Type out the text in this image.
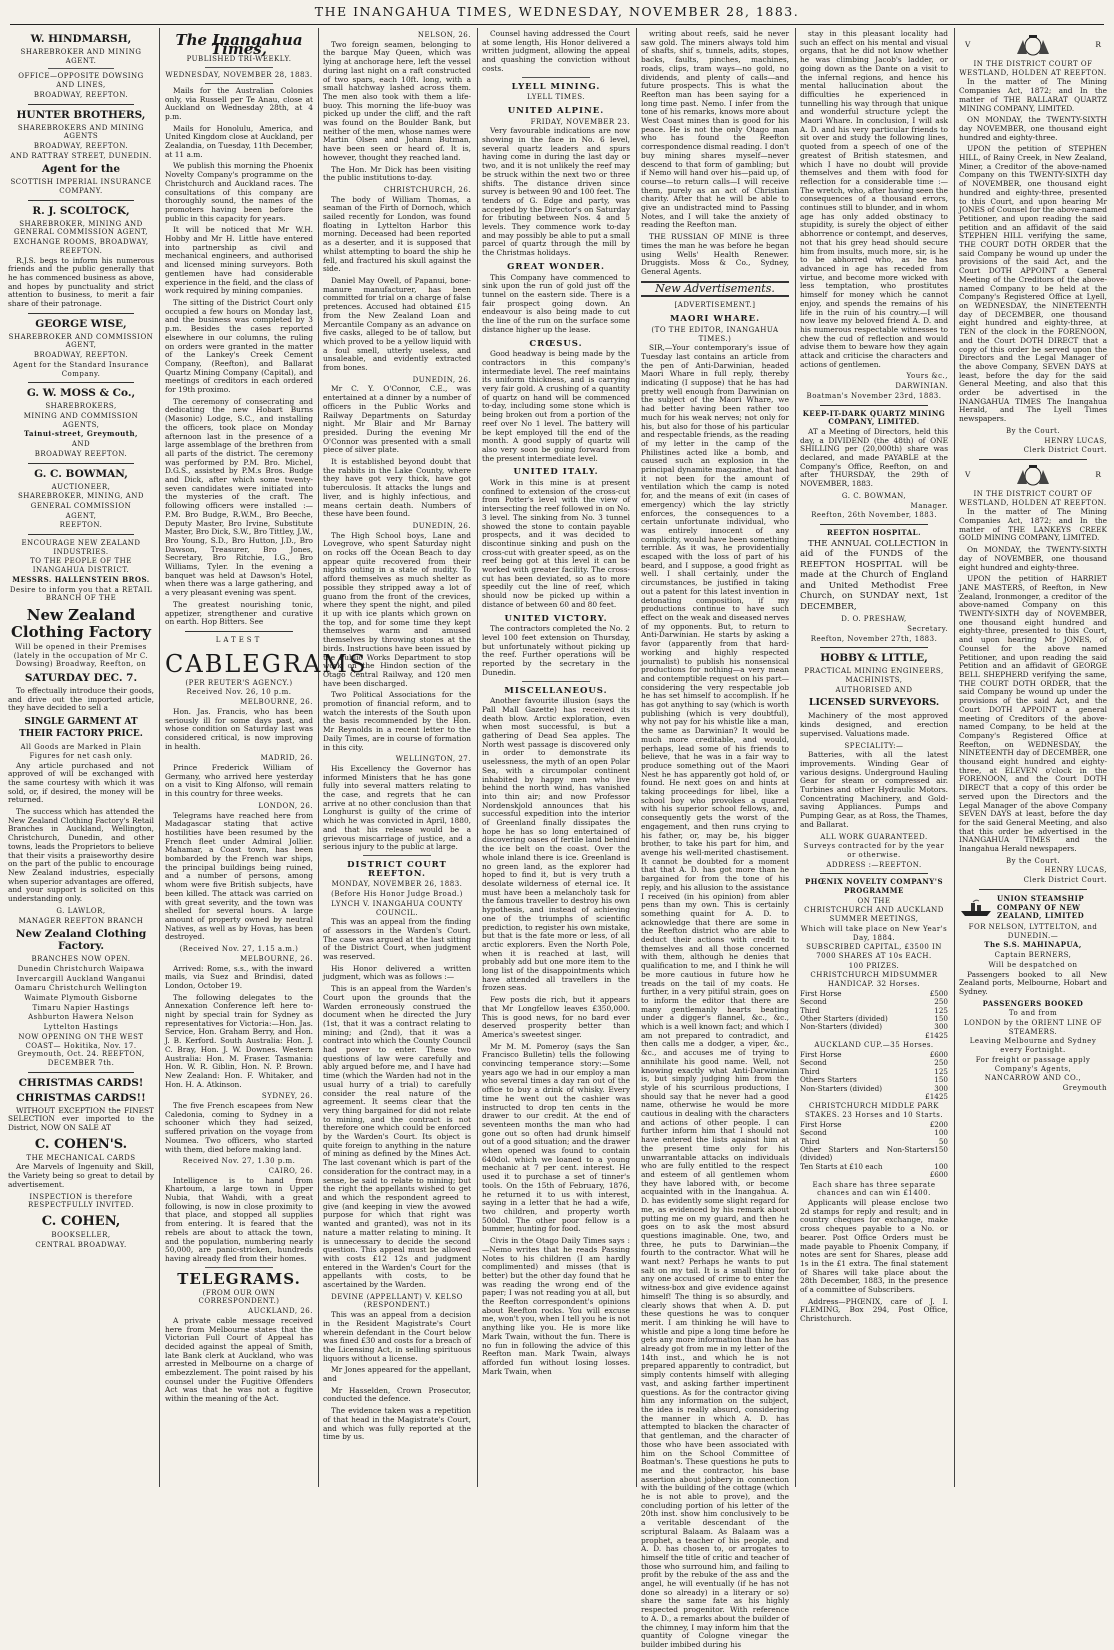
THE INANGAHUA TIMES, WEDNESDAY, NOVEMBER 28, 1883.
W. HINDMARSH,
SHAREBROKER AND MINING AGENT.
OFFICE—OPPOSITE DOWSING AND LINES,
BROADWAY, REEFTON.
HUNTER BROTHERS,
SHAREBROKERS AND MINING AGENTS
BROADWAY, REEFTON.
AND RATTRAY STREET, DUNEDIN.
Agent for the
SCOTTISH IMPERIAL INSURANCE COMPANY.
R. J. SCOLTOCK,
SHAREBROKER, MINING AND GENERAL COMMISSION AGENT,
EXCHANGE ROOMS, BROADWAY, REEFTON.

R.J.S. begs to inform his numerous friends and the public generally that he has commenced business as above, and hopes by punctuality and strict attention to business, to merit a fair share of their patronage.

GEORGE WISE,
SHAREBROKER AND COMMISSION AGENT,
BROADWAY, REEFTON.
Agent for the Standard Insurance Company.
G. W. MOSS & Co.,
SHAREBROKERS,
MINING AND COMMISSION AGENTS,
Tainui-street, Greymouth,
AND
BROADWAY REEFTON.
G. C. BOWMAN,
AUCTIONEER,
SHAREBROKER, MINING, AND
GENERAL COMMISSION
AGENT,
REEFTON.
ENCOURAGE NEW ZEALAND INDUSTRIES.
TO THE PEOPLE OF THE INANGAHUA DISTRICT.
MESSRS. HALLENSTEIN BROS.
Desire to inform you that a RETAIL BRANCH OF THE
New Zealand Clothing Factory
Will be opened in their Premises (lately in the occupation of Mr C. Dowsing) Broadway, Reefton, on
SATURDAY DEC. 7.

To effectually introduce their goods, and drive out the imported article, they have decided to sell a

SINGLE GARMENT AT THEIR FACTORY PRICE.
All Goods are Marked in Plain Figures for net cash only.

Any article purchased and not approved of will be exchanged with the same courtesy with which it was sold, or, if desired, the money will be returned.

The success which has attended the New Zealand Clothing Factory's Retail Branches in Auckland, Wellington, Christchurch, Dunedin, and other towns, leads the Proprietors to believe that their visits a praiseworthy desire on the part of the public to encourage New Zealand industries, especially when superior advantages are offered, and your support is solicited on this understanding only.

G. LAWLOR,
MANAGER REEFTON BRANCH
New Zealand Clothing Factory.
BRANCHES NOW OPEN.
Dunedin Christchurch Waipawa
Invercargill Auckland Wanganui
Oamaru Christchurch Wellington
Waimate Plymouth Gisborne
Timaru Napier Hastings
Ashburton Hawera Nelson
Lyttelton Hastings
NOW OPENING ON THE WEST COAST— Hokitika, Nov. 17. Greymouth, Oct. 24. REEFTON, DECEMBER 7th.
CHRISTMAS CARDS!
CHRISTMAS CARDS!!

WITHOUT EXCEPTION the FINEST SELECTION ever imported to the District, NOW ON SALE AT

C. COHEN'S.
THE MECHANICAL CARDS

Are Marvels of Ingenuity and Skill, the Variety being so great to detail by advertisement.

INSPECTION is therefore RESPECTFULLY INVITED.
C. COHEN,
BOOKSELLER,
CENTRAL BROADWAY.
The Inangahua Times,
PUBLISHED TRI-WEEKLY.
WEDNESDAY, NOVEMBER 28, 1883.

Mails for the Australian Colonies only, via Russell per Te Anau, close at Auckland on Wednesday 28th, at 4 p.m.

Mails for Honolulu, America, and United Kingdom close at Auckland, per Zealandia, on Tuesday, 11th December, at 11 a.m.

We publish this morning the Phoenix Novelty Company's programme on the Christchurch and Auckland races. The consultations of this company are thoroughly sound, the names of the promoters having been before the public in this capacity for years.

It will be noticed that Mr W.H. Hobby and Mr H. Little have entered into partnership as civil and mechanical engineers, and authorised and licensed mining surveyors. Both gentlemen have had considerable experience in the field, and the class of work required by mining companies.

The sitting of the District Court only occupied a few hours on Monday last, and the business was completed by 3 p.m. Besides the cases reported elsewhere in our columns, the ruling on orders were granted in the matter of the Lankey's Creek Cement Company, (Reefton), and Ballarat Quartz Mining Company (Capital), and meetings of creditors in each ordered for 19th proximo.

The ceremony of consecrating and dedicating the new Hobart Burns (Masonic) Lodge, S.C., and installing the officers, took place on Monday afternoon last in the presence of a large assemblage of the brethren from all parts of the district. The ceremony was performed by P.M. Bro. Michel, D.G.S., assisted by P.M.s Bros. Budge and Dick, after which some twenty-seven candidates were initiated into the mysteries of the craft. The following officers were installed :—P.M. Bro Budge, R.W.M., Bro Beeche, Deputy Master, Bro Irvine, Substitute Master, Bro Dick, S.W., Bro Tittley, J.W., Bro Young, S.D., Bro Hutton, J.D., Bro Dawson, Treasurer, Bro Jones, Secretary, Bro Ritchie, I.G., Bro Williams, Tyler. In the evening a banquet was held at Dawson's Hotel, when there was a large gathering, and a very pleasant evening was spent.

The greatest nourishing tonic, appetizer, strengthener and curative on earth. Hop Bitters. See

LATEST
CABLEGRAMS
(PER REUTER'S AGENCY.)
Received Nov. 26, 10 p.m.
MELBOURNE, 26.

Hon. Jas. Francis, who has been seriously ill for some days past, and whose condition on Saturday last was considered critical, is now improving in health.

MADRID, 26.

Prince Frederick William of Germany, who arrived here yesterday on a visit to King Alfonso, will remain in this country for three weeks.

LONDON, 26.

Telegrams have reached here from Madagascar stating that active hostilities have been resumed by the French fleet under Admiral Jollier. Mahamar, a Coast town, has been bombarded by the French war ships, the principal buildings being ruined, and a number of persons, among whom were five British subjects, have been killed. The attack was carried on with great severity, and the town was shelled for several hours. A large amount of property owned by neutral Natives, as well as by Hovas, has been destroyed.

(Received Nov. 27, 1.15 a.m.)
MELBOURNE, 26.

Arrived: Rome, s.s., with the inward mails, via Suez and Brindisi, dated London, October 19.

The following delegates to the Annexation Conference left here to-night by special train for Sydney as representatives for Victoria:—Hon. Jas. Service, Hon. Graham Berry, and Hon. J. B. Kerford. South Australia: Hon. J. C. Bray, Hon. J. W. Downes. Western Australia: Hon. M. Fraser. Tasmania: Hon. W. R. Giblin, Hon. N. P. Brown. New Zealand: Hon. F. Whitaker, and Hon. H. A. Atkinson.

SYDNEY, 26.

The five French escapees from New Caledonia, coming to Sydney in a schooner which they had seized, suffered privation on the voyage from Noumea. Two officers, who started with them, died before making land.

Received Nov. 27, 1.30 p.m.
CAIRO, 26.

Intelligence is to hand from Khartoum, a large town in Upper Nubia, that Wahdi, with a great following, is now in close proximity to that place, and stopped all supplies from entering. It is feared that the rebels are about to attack the town, and the population, numbering nearly 50,000, are panic-stricken, hundreds having already fled from their homes.

TELEGRAMS.
(FROM OUR OWN CORRESPONDENT.)
AUCKLAND, 26.

A private cable message received here from Melbourne states that the Victorian Full Court of Appeal has decided against the appeal of Smith, late Bank clerk at Auckland, who was arrested in Melbourne on a charge of embezzlement. The point raised by his counsel under the Fugitive Offenders Act was that he was not a fugitive within the meaning of the Act.

NELSON, 26.

Two foreign seamen, belonging to the barque May Queen, which was lying at anchorage here, left the vessel during last night on a raft constructed of two spars, each 10ft. long, with a small hatchway lashed across them. The men also took with them a life-buoy. This morning the life-buoy was picked up under the cliff, and the raft was found on the Boulder Bank, but neither of the men, whose names were Martin Olsen and Johann Butman, have been seen or heard of. It is, however, thought they reached land.

The Hon. Mr Dick has been visiting the public institutions to-day.

CHRISTCHURCH, 26.

The body of William Thomas, a seaman of the Firth of Dornoch, which sailed recently for London, was found floating in Lyttelton Harbor this morning. Deceased had been reported as a deserter, and it is supposed that whilst attempting to board the ship he fell, and fractured his skull against the side.

Daniel May Owell, of Papanui, bone-manure manufacturer, has been committed for trial on a charge of false pretences. Accused had obtained £15 from the New Zealand Loan and Mercantile Company as an advance on five casks, alleged to be of tallow, but which proved to be a yellow liquid with a foul smell, utterly useless, and unsaleable, and evidently extracted from bones.

DUNEDIN, 26.

Mr C. Y. O'Connor, C.E., was entertained at a dinner by a number of officers in the Public Works and Railway Departments on Saturday night. Mr Blair and Mr Barnay presided. During the evening Mr O'Connor was presented with a small piece of silver plate.

It is established beyond doubt that the rabbits in the Lake County, where they have got very thick, have got tuberculosis. It attacks the lungs and liver, and is highly infectious, and means certain death. Numbers of these have been found.

DUNEDIN, 26.

The High School boys, Lane and Lovegrove, who spent Saturday night on rocks off the Ocean Beach to day appear quite recovered from their nights outing in a state of nudity. To afford themselves as much shelter as possible they stripped away a lot of guano from the front of the crevices, where they spent the night, and piled it up with ice plants which grown on the top, and for some time they kept themselves warm and amused themselves by throwing stones at the birds. Instructions have been issued by the Public Works Department to stop work on the Hindon section of the Otago Central Railway, and 120 men have been discharged.

Two Political Associations for the promotion of financial reform, and to watch the interests of the South upon the basis recommended by the Hon. Mr Reynolds in a recent letter to the Daily Times, are in course of formation in this city.

WELLINGTON, 27.

His Excellency the Governor has informed Ministers that he has gone fully into several matters relating to the case, and regrets that he can arrive at no other conclusion than that Longhurst is guilty of the crime of which he was convicted in April, 1880, and that his release would be a grievous miscarriage of justice, and a serious injury to the public at large.

DISTRICT COURT REEFTON.
MONDAY, NOVEMBER 26, 1883.
(Before His Honor Judge Broad.)
LYNCH V. INANGAHUA COUNTY COUNCIL.

This was an appeal from the finding of assessors in the Warden's Court. The case was argued at the last sitting of the District Court, when judgment was reserved.

His Honor delivered a written judgment, which was as follows :—

This is an appeal from the Warden's Court upon the grounds that the Warden erroneously construed the document when he directed the Jury (1st, that it was a contract relating to mining; and (2nd), that it was a contract into which the County Council had power to enter. These two questions of law were carefully and ably argued before me, and I have had time (which the Warden had not in the usual hurry of a trial) to carefully consider the real nature of the agreement. It seems clear that the very thing bargained for did not relate to mining, and the contract is not therefore one which could be enforced by the Warden's Court. Its object is quite foreign to anything in the nature of mining as defined by the Mines Act. The last covenant which is part of the consideration for the contract may, in a sense, be said to relate to mining; but the right the appellants wished to get and which the respondent agreed to give (and keeping in view the avowed purpose for which that right was wanted and granted), was not in its nature a matter relating to mining. It is unnecessary to decide the second question. This appeal must be allowed with costs £12 12s and judgment entered in the Warden's Court for the appellants with costs, to be ascertained by the Warden.

DEVINE (APPELLANT) V. KELSO (RESPONDENT.)

This was an appeal from a decision in the Resident Magistrate's Court wherein defendant in the Court below was fined £30 and costs for a breach of the Licensing Act, in selling spirituous liquors without a license.

Mr Jones appeared for the appellant, and

Mr Hasselden, Crown Prosecutor, conducted the defence.

The evidence taken was a repetition of that head in the Magistrate's Court, and which was fully reported at the time by us.

Counsel having addressed the Court at some length, His Honor delivered a written judgment, allowing the appeal and quashing the conviction without costs.

LYELL MINING.
LYELL TIMES.
UNITED ALPINE.
FRIDAY, NOVEMBER 23.

Very favourable indications are now showing in the face in No. 6 level, several quartz leaders and spurs having come in during the last day or two, and it is not unlikely the reef may be struck within the next two or three shifts. The distance driven since survey is between 90 and 100 feet. The tenders of G. Edge and party, was accepted by the Director's on Saturday for tributing between Nos. 4 and 5 levels. They commence work to-day and may possibly be able to put a small parcel of quartz through the mill by the Christmas holidays.

GREAT WONDER.

This Company have commenced to sink upon the run of gold just off the tunnel on the eastern side. There is a fair prospect going down. An endeavour is also being made to cut the line of the run on the surface some distance higher up the lease.

CRŒSUS.

Good headway is being made by the contractors in this company's intermediate level. The reef maintains its uniform thickness, and is carrying very fair gold. A crushing of a quantity of quartz on hand will be commenced to-day, including some stone which is being broken out from a portion of the reef over No 1 level. The battery will be kept employed till the end of the month. A good supply of quartz will also very soon be going forward from the present intermediate level.

UNITED ITALY.

Work in this mine is at present confined to extension of the cross-cut from Potter's level with the view of intersecting the reef followed in on No. 3 level. The sinking from No. 3 tunnel showed the stone to contain payable prospects, and it was decided to discontinue sinking and push on the cross-cut with greater speed, as on the reef being got at this level it can be worked with greater facility. The cross-cut has been deviated, so as to more speedily cut the line of reef, which should now be picked up within a distance of between 60 and 80 feet.

UNITED VICTORY.

The contractors completed the No. 2 level 100 feet extension on Thursday, but unfortunately without picking up the reef. Further operations will be reported by the secretary in the Dunedin.

MISCELLANEOUS.

Another favourite illusion (says the Pall Mall Gazette) has received its death blow. Arctic exploration, even when most successful, is but a gathering of Dead Sea apples. The North west passage is discovered only in order to demonstrate its uselessness, the myth of an open Polar Sea, with a circumpolar continent inhabited by happy men who live behind the north wind, has vanished into thin air; and now Professor Nordenskjold announces that his successful expedition into the interior of Greenland finally dissipates the hope he has so long entertained of discovering oases of fertile land behind the ice belt on the coast. Over the whole inland there is ice. Greenland is no green land, as the explorer had hoped to find it, but is very truth a desolate wilderness of eternal ice. It must have been a melancholy task for the famous traveller to destroy his own hypothesis, and instead of achieving one of the triumphs of scientific prediction, to register his own mistake, but that is the fate more or less, of all arctic explorers. Even the North Pole, when it is reached at last, will probably add but one more item to the long list of the disappointments which have attended all travellers in the frozen seas.

Few posts die rich, but it appears that Mr Longfellow leaves £350,000. This is good news, for no bard ever deserved prosperity better than America's sweetest singer.

Mr M. M. Pomeroy (says the San Francisco Bulletin) tells the following convincing temperance story:—Some years ago we had in our employ a man who several times a day ran out of the office to buy a drink of whisky. Every time he went out the cashier was instructed to drop ten cents in the drawer to our credit. At the end of seventeen months the man who had gone out so often had drunk himself out of a good situation; and the drawer when opened was found to contain 640dol. which we loaned to a young mechanic at 7 per cent. interest. He used it to purchase a set of tinner's tools. On the 15th of February, 1876, he returned it to us with interest, saying in a letter that he had a wife, two children, and property worth 500dol. The other poor fellow is a bummer, hunting for food.

Civis in the Otago Daily Times says :—Nemo writes that he reads Passing Notes to his children (I am hardly complimented) and misses (that is better) but the other day found that he was reading the wrong end of the paper; I was not reading you at all, but the Reefton correspondent's opinions about Reefton rocks. You will excuse me, won't you, when I tell you he is not anything like you. He is more like Mark Twain, without the fun. There is no fun in following the advice of this Reefton man. Mark Twain, always afforded fun without losing losses. Mark Twain, when

writing about reefs, said he never saw gold. The miners always told him of shafts, shif s, tunnels, adits, stopes, backs, faults, pinches, machines, roads, clips, tram ways—no gold, no dividends, and plenty of calls—and future prospects. This is what the Reefton man has been saying for a long time past. Nemo. I infer from the tone of his remarks, knows more about West Coast mines than is good for his peace. He is not the only Otago man who has found the Reefton correspondence dismal reading. I don't buy mining shares myself—never descend to that form of gambling; but if Nemo will hand over his—paid up, of course—to return calls—I will receive them, purely as an act of Christian charity. After that he will be able to give an undistracted mind to Passing Notes, and I will take the anxiety of reading the Reefton man.

THE RUSSIAN OF MINE is three times the man he was before he began using Wells' Health Renewer. Druggists. Moss & Co., Sydney, General Agents.

New Advertisements.
[ADVERTISEMENT.]
MAORI WHARE.
(TO THE EDITOR, INANGAHUA TIMES.)

SIR,—Your contemporary's issue of Tuesday last contains an article from the pen of Anti-Darwinian, headed Maori Whare in full reply, thereby indicating (I suppose) that he has had pretty well enough from Darwinian on the subject of the Maori Whare, we had better having been rather too much for his weak nerves; not only for his, but also for those of his particular and respectable friends, as the reading of my letter in the camp of the Philistines acted like a bomb, and caused such an explosion in the principal dynamite magazine, that had it not been for the amount of ventilation which the camp is noted for, and the means of exit (in cases of emergency) which the lay strictly enforces, the consequences to a certain unfortunate individual, who was entirely innocent of any complicity, would have been something terrible. As it was, he providentially escaped with the loss of part of his beard, and I suppose, a good fright as well. I shall certainly, under the circumstances, be justified in taking out a patent for this latest invention in detonating composition, if my productions continue to have such effect on the weak and diseased nerves of my opponents. But, to return to Anti-Darwinian. He starts by asking a favor (apparently from that hard-working and highly respected journalist) to publish his nonsensical productions for nothing—a very mean and contemptible request on his part—considering the very respectable job he has set himself to accomplish. If he has got anything to say (which is worth publishing (which is very doubtful), why not pay for his whistle like a man, the same as Darwinian? It would be much more creditable, and would, perhaps, lead some of his friends to believe, that he was in a fair way to produce something out of the Maori Nest he has apparently got hold of, or found. He next goes on and hints at taking proceedings for libel, like a school boy who provokes a quarrel with his superior school fellows, and, consequently gets the worst of the engagement, and then runs crying to his father, or, may be, his bigger brother, to take his part for him, and avenge his well-merited chastisement. It cannot be doubted for a moment that that A. D. has got more than he bargained for from the tone of his reply, and his allusion to the assistance I received (in his opinion) from abler pens than my own. This is certainly something quaint for A. D. to acknowledge that there are some in the Reefton district who are able to deduct their actions with credit to themselves and all those concerned with them, although he denies that qualification to me, and I think he will be more cautious in future how he treads on the tail of my coats. He further, in a very pitiful strain, goes on to inform the editor that there are many gentlemanly hearts beating under a digger's flannel, &c., &c., which is a well known fact; and which I am not prepared to contradict, and then calls me a dodger, a viper, &c., &c., and accuses me of trying to annihilate his good name. Well, not knowing exactly what Anti-Darwinian is, but simply judging him from the style of his scurrilous productions, I should say that he never had a good name, otherwise he would be more cautious in dealing with the characters and actions of other people. I can further inform him that I should not have entered the lists against him at the present time only for his unwarrantable attacks on individuals who are fully entitled to the respect and esteem of all gentlemen whom they have labored with, or become acquainted with in the Inangahua. A. D. has evidently some slight regard for me, as evidenced by his remark about putting me on my guard, and then he goes on to ask the most absurd questions imaginable. One, two, and three, he puts to Darwinian—the fourth to the contractor. What will he want next? Perhaps he wants to put salt on my tail. It is a small thing for any one accused of crime to enter the witness-box and give evidence against himself! The thing is so absurdly, and clearly shows that when A. D. put these questions he was to conquer merit. I am thinking he will have to whistle and pipe a long time before he gets any more information than he has already got from me in my letter of the 14th inst., and which he is not prepared apparently to contradict, but simply contents himself with alleging vast, and asking farther impertinent questions. As for the contractor giving him any information on the subject, the idea is really absurd, considering the manner in which A. D. has attempted to blacken the character of that gentleman, and the character of those who have been associated with him on the School Committee of Boatman's. These questions he puts to me and the contractor, his base assertion about jobbery in connection with the building of the cottage (which he is not able to prove), and the concluding portion of his letter of the 20th inst. show him conclusively to be a veritable descendant of the scriptural Balaam. As Balaam was a prophet, a teacher of his people, and A. D. has chosen to, or arrogates to himself the title of critic and teacher of those who surround him, and failing to profit by the rebuke of the ass and the angel, he will eventually (if he has not done so already) in a literary or so) share the same fate as his highly respected progenitor. With reference to A. D., a remarks about the builder of the chimney, I may inform him that the quantity of Cologne vinegar the builder imbibed during his

stay in this pleasant locality had such an effect on his mental and visual organs, that he did not know whether he was climbing Jacob's ladder, or going down as the Dante on a visit to the infernal regions, and hence his mental hallucination about the difficulties he experienced in tunnelling his way through that unique and wonderful structure yclept the Maori Whare. In conclusion, I will ask A. D. and his very particular friends to sit over and study the following lines, quoted from a speech of one of the greatest of British statesmen, and which I have no doubt will provide themselves and them with food for reflection for a considerable time :—The wretch, who, after having seen the consequences of a thousand errors, continues still to blunder, and in whom age has only added obstinacy to stupidity, is surely the object of either abhorrence or contempt, and deserves, not that his grey head should secure him from insults, much more, sir, is he to be abhorred who, as he has advanced in age has receded from virtue, and become more wicked with less temptation, who prostitutes himself for money which he cannot enjoy, and spends the remains of his life in the ruin of his country.—I will now leave my beloved friend A. D. and his numerous respectable witnesses to chew the cud of reflection and would advise them to beware how they again attack and criticise the characters and actions of gentlemen.

Yours &c.,
DARWINIAN.
Boatman's November 23rd, 1883.
KEEP-IT-DARK QUARTZ MINING COMPANY, LIMITED.

AT a Meeting of Directors, held this day, a DIVIDEND (the 48th) of ONE SHILLING per (20,000th) share was declared, and made PAYABLE at the Company's Office, Reefton, on and after THURSDAY, the 29th of NOVEMBER, 1883.

G. C. BOWMAN,
Manager.
Reefton, 26th November, 1883.
REEFTON HOSPITAL.

THE ANNUAL COLLECTION in aid of the FUNDS of the REEFTON HOSPITAL will be made at the Church of England and United Methodist Free Church, on SUNDAY next, 1st DECEMBER,

D. O. PRESHAW,
Secretary.
Reefton, November 27th, 1883.
HOBBY & LITTLE,
PRACTICAL MINING ENGINEERS, MACHINISTS,
AUTHORISED AND
LICENSED SURVEYORS.

Machinery of the most approved kinds designed, and erection supervised. Valuations made.

SPECIALITY:—

Batteries, with all the latest improvements. Winding Gear of various designs. Underground Hauling Gear for steam or compressed air. Turbines and other Hydraulic Motors. Concentrating Machinery, and Gold-saving Appliances. Pumps and Pumping Gear, as at Ross, the Thames, and Ballarat.

ALL WORK GUARANTEED.
Surveys contracted for by the year or otherwise.
ADDRESS :—REEFTON.
PHŒNIX NOVELTY COMPANY'S PROGRAMME
ON THE
CHRISTCHURCH AND AUCKLAND SUMMER MEETINGS,
Which will take place on New Year's Day, 1884.
SUBSCRIBED CAPITAL, £3500 IN 7000 SHARES AT 10s EACH.
100 PRIZES.
CHRISTCHURCH MIDSUMMER HANDICAP. 32 Horses.
First Horse	£500
Second	250
Third	125
Other Starters (divided)	150
Non-Starters (divided)	300
£1425
AUCKLAND CUP.—35 Horses.
First Horse	£600
Second	250
Third	125
Others Starters	150
Non-Starters (divided)	300
£1425
CHRISTCHURCH MIDDLE PARK STAKES. 23 Horses and 10 Starts.
First Horse	£200
Second	100
Third	50
Other Starters and Non-Starters (divided)
150
Ten Starts at £10 each	100
£600
Each share has three separate chances and can win £1400.

Applicants will please enclose two 2d stamps for reply and result; and in country cheques for exchange, make cross cheques payable to a No. or bearer. Post Office Orders must be made payable to Phoenix Company, if notes are sent for Shares, please add 1s in the £1 extra. The final statement of Shares will take place about the 28th December, 1883, in the presence of a committee of Subscribers.

Address—PHŒNIX, care of J. I. FLEMING, Box 294, Post Office, Christchurch.

V	R
IN THE DISTRICT COURT OF WESTLAND, HOLDEN AT REEFTON.

In the matter of The Mining Companies Act, 1872; and In the matter of THE BALLARAT QUARTZ MINING COMPANY, LIMITED.

ON MONDAY, the TWENTY-SIXTH day NOVEMBER, one thousand eight hundred and eighty-three.

UPON the petition of STEPHEN HILL, of Rainy Creek, in New Zealand, Miner, a Creditor of the above-named Company on this TWENTY-SIXTH day of NOVEMBER, one thousand eight hundred and eighty-three, presented to this Court, and upon hearing Mr JONES of Counsel for the above-named Petitioner, and upon reading the said petition and an affidavit of the said STEPHEN HILL verifying the same, THE COURT DOTH ORDER that the said Company be wound up under the provisions of the said Act, and the Court DOTH APPOINT a General Meeting of the Creditors of the above-named Company to be held at the Company's Registered Office at Lyell, on WEDNESDAY, the NINETEENTH day of DECEMBER, one thousand eight hundred and eighty-three, at TEN of the clock in the FORENOON, and the Court DOTH DIRECT that a copy of this order be served upon the Directors and the Legal Manager of the above Company, SEVEN DAYS at least, before the day for the said General Meeting, and also that this order be advertised in the INANGAHUA TIMES The Inangahua Herald, and The Lyell Times newspapers.

By the Court.
HENRY LUCAS,
Clerk District Court.
V	R
IN THE DISTRICT COURT OF WESTLAND, HOLDEN AT REEFTON.

In the matter of The Mining Companies Act, 1872; and In the matter of THE LANKEYS CREEK GOLD MINING COMPANY, LIMITED.

On MONDAY, the TWENTY-SIXTH day of NOVEMBER, one thousand eight hundred and eighty-three.

UPON the petition of HARRIET JANE MASTERS, of Reefton, in New Zealand, Ironmonger, a creditor of the above-named Company on this TWENTY-SIXTH day of NOVEMBER, one thousand eight hundred and eighty-three, presented to this Court, and upon hearing Mr JONES, of Counsel for the above named Petitioner, and upon reading the said Petition and an affidavit of GEORGE BELL SHEPHERD verifying the same, THE COURT DOTH ORDER, that the said Company be wound up under the provisions of the said Act, and the Court DOTH APPOINT a general meeting of Creditors of the above-named Company, to be held at the Company's Registered Office at Reefton, on WEDNESDAY, the NINETEENTH day of DECEMBER, one thousand eight hundred and eighty-three, at ELEVEN o'clock in the FORENOON, and the Court DOTH DIRECT that a copy of this order be served upon the Directors and the Legal Manager of the above Company SEVEN DAYS at least, before the day for the said General Meeting, and also that this order be advertised in the INANGAHUA TIMES and the Inangahua Herald newspapers.

By the Court.
HENRY LUCAS,
Clerk District Court.
UNION STEAMSHIP COMPANY OF NEW ZEALAND, LIMITED
FOR NELSON, LYTTELTON, and DUNEDIN.—
The S.S. MAHINAPUA,
Captain BERNERS,
Will be despatched on

Passengers booked to all New Zealand ports, Melbourne, Hobart and Sydney.

PASSENGERS BOOKED
To and from
LONDON by the ORIENT LINE OF STEAMERS.
Leaving Melbourne and Sydney every Fortnight.
For freight or passage apply Company's Agents,
NANCARROW AND CO.,
Greymouth
